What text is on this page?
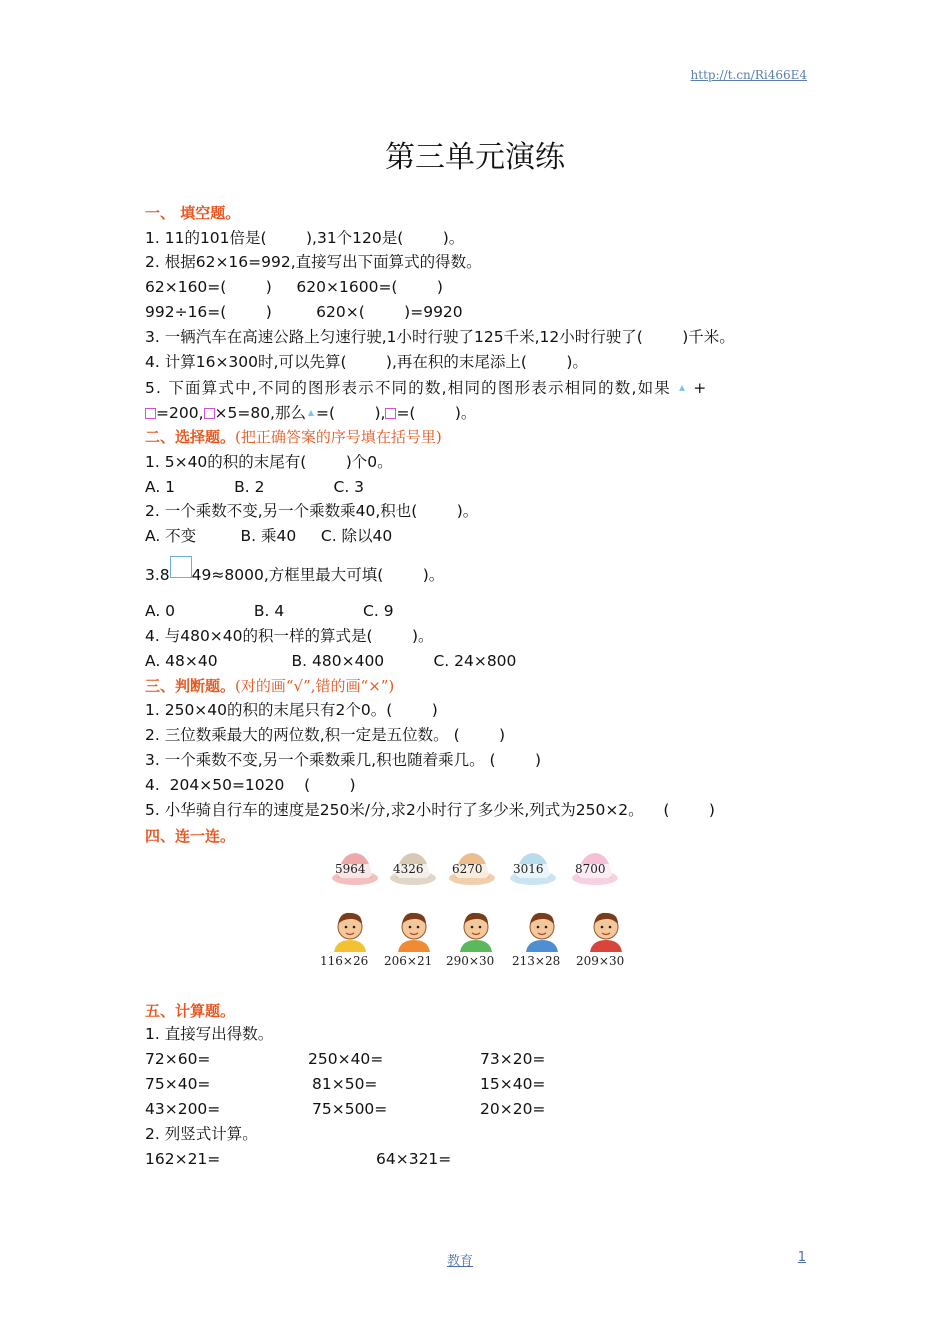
http://t.cn/Ri466E4
第三单元演练
一、 填空题。
1. 11的101倍是(        ),31个120是(        )。
2. 根据62×16=992,直接写出下面算式的得数。
62×160=(        )     620×1600=(        )
992÷16=(        )         620×(        )=9920
3. 一辆汽车在高速公路上匀速行驶,1小时行驶了125千米,12小时行驶了(        )千米。
4. 计算16×300时,可以先算(        ),再在积的末尾添上(        )。
5. 下面算式中,不同的图形表示不同的数,相同的图形表示相同的数,如果 +
=200, ×5=80,那么 =(        ), =(        )。
二、选择题。(把正确答案的序号填在括号里)
1. 5×40的积的末尾有(        )个0。
A. 1            B. 2              C. 3
2. 一个乘数不变,另一个乘数乘40,积也(        )。
A. 不变         B. 乘40     C. 除以40
3.8 49≈8000,方框里最大可填(        )。
A. 0                B. 4                C. 9
4. 与480×40的积一样的算式是(        )。
A. 48×40               B. 480×400          C. 24×800
三、判断题。(对的画“√”,错的画“×”)
1. 250×40的积的末尾只有2个0。(        )
2. 三位数乘最大的两位数,积一定是五位数。 (        )
3. 一个乘数不变,另一个乘数乘几,积也随着乘几。 (        )
4.  204×50=1020    (        )
5. 小华骑自行车的速度是250米/分,求2小时行了多少米,列式为250×2。    (        )
四、连一连。
5964 4326 6270	3016	8700
116×26 206×21 290×30 213×28 209×30
五、计算题。
1. 直接写出得数。
72×60=	250×40=	73×20=
75×40=	81×50=	15×40=
43×200=	75×500=	20×20=
2. 列竖式计算。
162×21=	64×321=
教育	1
